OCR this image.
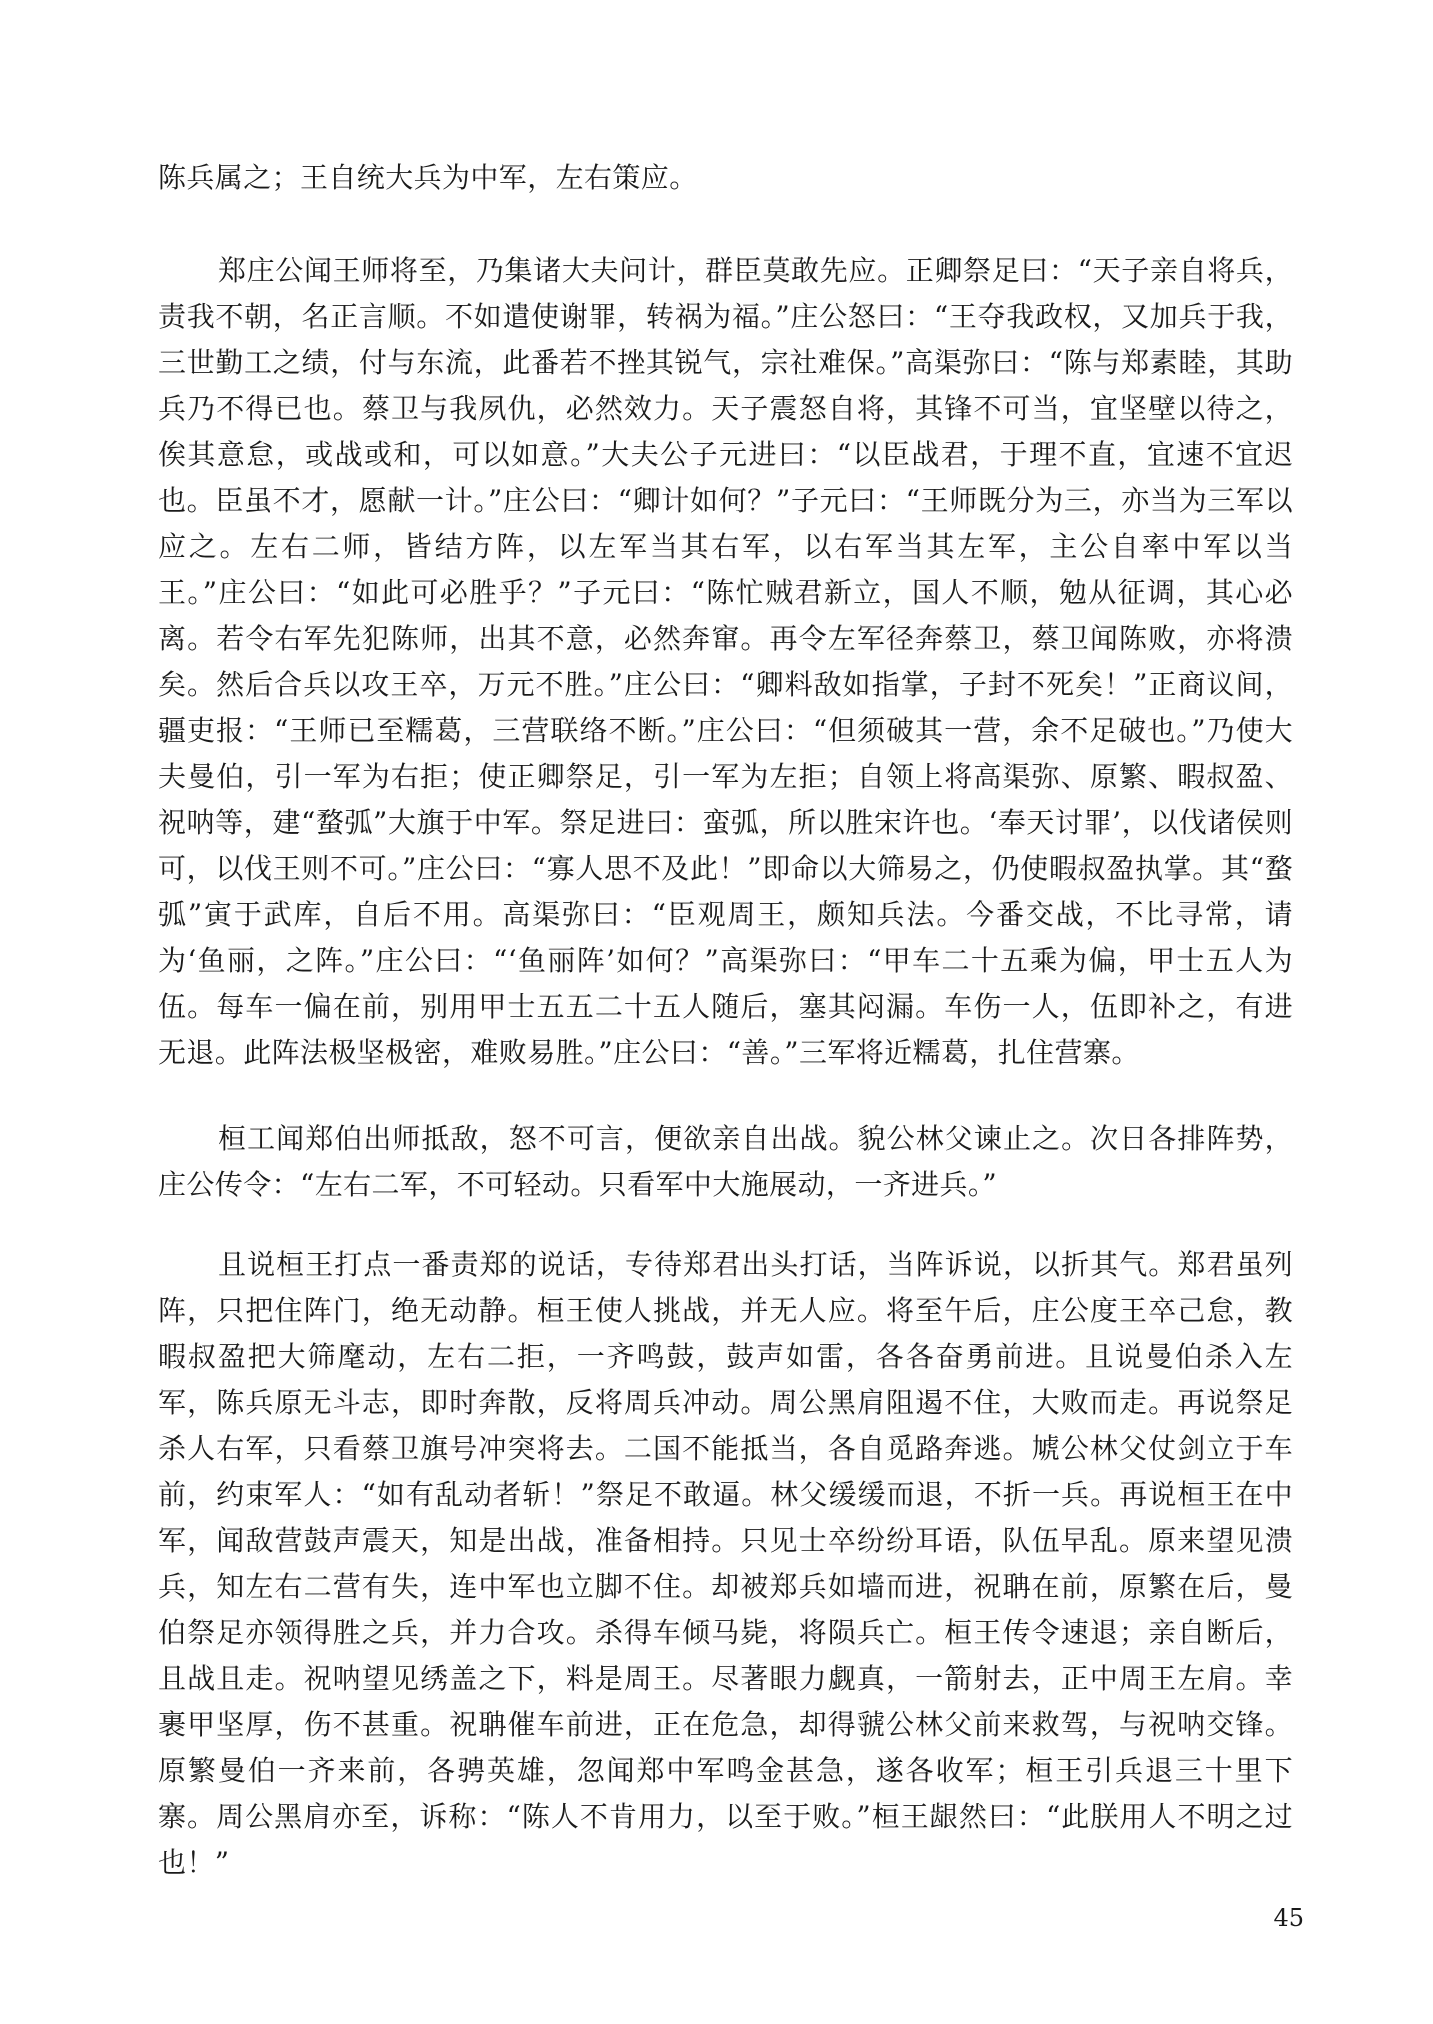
陈兵属之；王自统大兵为中军，左右策应。

郑庄公闻王师将至，乃集诸大夫问计，群臣莫敢先应。正卿祭足曰：“天子亲自将兵，责我不朝，名正言顺。不如遣使谢罪，转祸为福。”庄公怒曰：“王夺我政权，又加兵于我，三世勤工之绩，付与东流，此番若不挫其锐气，宗社难保。”高渠弥曰：“陈与郑素睦，其助兵乃不得已也。蔡卫与我夙仇，必然效力。天子震怒自将，其锋不可当，宜坚壁以待之，俟其意怠，或战或和，可以如意。”大夫公子元进曰：“以臣战君，于理不直，宜速不宜迟也。臣虽不才，愿献一计。”庄公曰：“卿计如何？”子元曰：“王师既分为三，亦当为三军以应之。左右二师，皆结方阵，以左军当其右军，以右军当其左军，主公自率中军以当王。”庄公曰：“如此可必胜乎？”子元曰：“陈忙贼君新立，国人不顺，勉从征调，其心必离。若令右军先犯陈师，出其不意，必然奔窜。再令左军径奔蔡卫，蔡卫闻陈败，亦将溃矣。然后合兵以攻王卒，万元不胜。”庄公曰：“卿料敌如指掌，子封不死矣！”正商议间，疆吏报：“王师已至糯葛，三营联络不断。”庄公曰：“但须破其一营，余不足破也。”乃使大夫曼伯，引一军为右拒；使正卿祭足，引一军为左拒；自领上将高渠弥、原繁、暇叔盈、祝呐等，建“蝥弧”大旗于中军。祭足进曰：蛮弧，所以胜宋许也。‘奉天讨罪’，以伐诸侯则可，以伐王则不可。”庄公曰：“寡人思不及此！”即命以大筛易之，仍使暇叔盈执掌。其“蝥弧”寅于武库，自后不用。高渠弥曰：“臣观周王，颇知兵法。今番交战，不比寻常，请为‘鱼丽，之阵。”庄公曰：“‘鱼丽阵’如何？”高渠弥曰：“甲车二十五乘为偏，甲士五人为伍。每车一偏在前，别用甲士五五二十五人随后，塞其闷漏。车伤一人，伍即补之，有进无退。此阵法极坚极密，难败易胜。”庄公曰：“善。”三军将近糯葛，扎住营寨。

桓工闻郑伯出师抵敌，怒不可言，便欲亲自出战。貌公林父谏止之。次日各排阵势，庄公传令：“左右二军，不可轻动。只看军中大施展动，一齐进兵。”

且说桓王打点一番责郑的说话，专待郑君出头打话，当阵诉说，以折其气。郑君虽列阵，只把住阵门，绝无动静。桓王使人挑战，并无人应。将至午后，庄公度王卒己怠，教暇叔盈把大筛麾动，左右二拒，一齐鸣鼓，鼓声如雷，各各奋勇前进。且说曼伯杀入左军，陈兵原无斗志，即时奔散，反将周兵冲动。周公黑肩阻遏不住，大败而走。再说祭足杀人右军，只看蔡卫旗号冲突将去。二国不能抵当，各自觅路奔逃。虓公林父仗剑立于车前，约束军人：“如有乱动者斩！”祭足不敢逼。林父缓缓而退，不折一兵。再说桓王在中军，闻敌营鼓声震天，知是出战，准备相持。只见士卒纷纷耳语，队伍早乱。原来望见溃兵，知左右二营有失，连中军也立脚不住。却被郑兵如墙而进，祝聃在前，原繁在后，曼伯祭足亦领得胜之兵，并力合攻。杀得车倾马毙，将陨兵亡。桓王传令速退；亲自断后，且战且走。祝呐望见绣盖之下，料是周王。尽著眼力觑真，一箭射去，正中周王左肩。幸裹甲坚厚，伤不甚重。祝聃催车前进，正在危急，却得虢公林父前来救驾，与祝呐交锋。原繁曼伯一齐来前，各骋英雄，忽闻郑中军鸣金甚急，遂各收军；桓王引兵退三十里下寨。周公黑肩亦至，诉称：“陈人不肯用力，以至于败。”桓王龈然曰：“此朕用人不明之过也！”

45
